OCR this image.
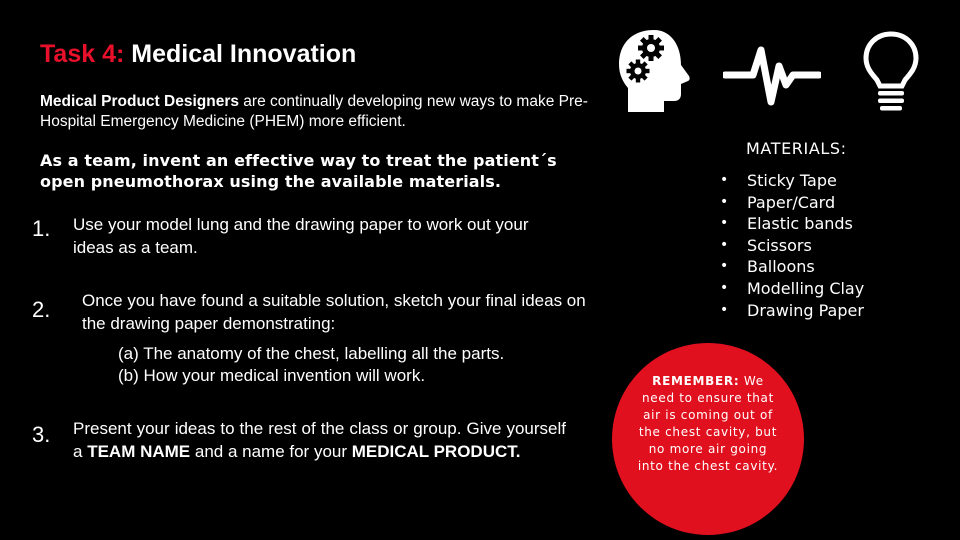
Task 4: Medical Innovation
Medical Product Designers are continually developing new ways to make Pre-Hospital Emergency Medicine (PHEM) more efficient.
As a team, invent an effective way to treat the patient´s open pneumothorax using the available materials.
1. Use your model lung and the drawing paper to work out your ideas as a team.
2. Once you have found a suitable solution, sketch your final ideas on the drawing paper demonstrating:
(a) The anatomy of the chest, labelling all the parts.
(b) How your medical invention will work.
3. Present your ideas to the rest of the class or group. Give yourself a TEAM NAME and a name for your MEDICAL PRODUCT.
MATERIALS:
• Sticky Tape
• Paper/Card
• Elastic bands
• Scissors
• Balloons
• Modelling Clay
• Drawing Paper
REMEMBER: We need to ensure that air is coming out of the chest cavity, but no more air going into the chest cavity.
